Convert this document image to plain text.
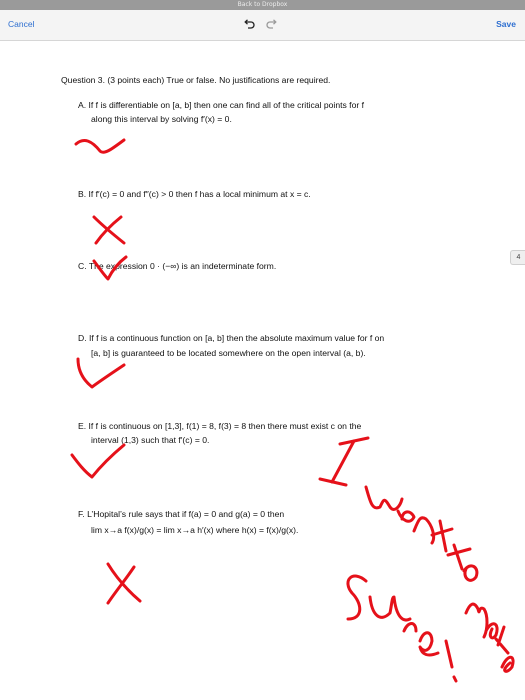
Back to Dropbox
Cancel	Save
4
Question 3. (3 points each) True or false. No justifications are required.
A. If f is differentiable on [a, b] then one can find all of the critical points for f
along this interval by solving f′(x) = 0.
B. If f′(c) = 0 and f″(c) > 0 then f has a local minimum at x = c.
C. The expression 0 · (−∞) is an indeterminate form.
D. If f is a continuous function on [a, b] then the absolute maximum value for f on
[a, b] is guaranteed to be located somewhere on the open interval (a, b).
E. If f is continuous on [1,3], f(1) = 8, f(3) = 8 then there must exist c on the
interval (1,3) such that f′(c) = 0.
F. L’Hopital’s rule says that if f(a) = 0 and g(a) = 0 then
lim x→a f(x)/g(x) = lim x→a h′(x) where h(x) = f(x)/g(x).
